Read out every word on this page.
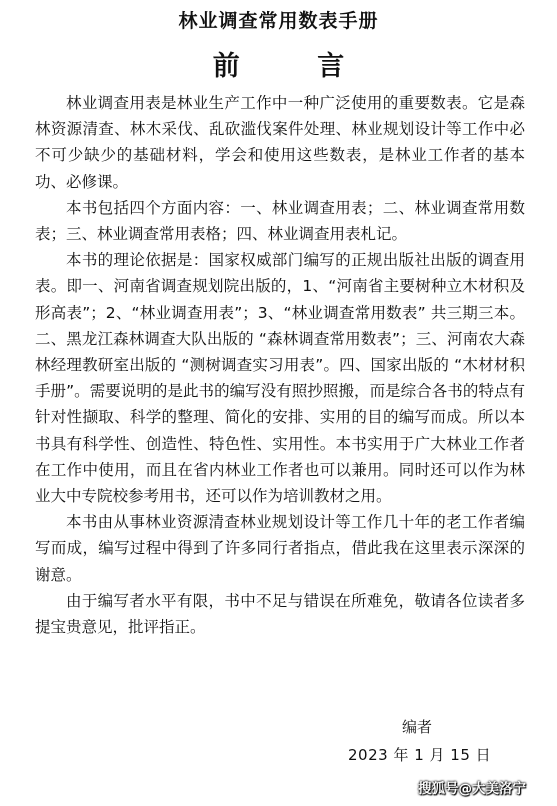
林业调查常用数表手册
前 言

林业调查用表是林业生产工作中一种广泛使用的重要数表。它是森林资源清查、林木采伐、乱砍滥伐案件处理、林业规划设计等工作中必不可少缺少的基础材料，学会和使用这些数表，是林业工作者的基本功、必修课。

本书包括四个方面内容：一、林业调查用表；二、林业调查常用数表；三、林业调查常用表格；四、林业调查用表札记。

本书的理论依据是：国家权威部门编写的正规出版社出版的调查用表。即一、河南省调查规划院出版的，1、“河南省主要树种立木材积及形高表”；2、“林业调查用表”；3、“林业调查常用数表” 共三期三本。二、黑龙江森林调查大队出版的 “森林调查常用数表”；三、河南农大森林经理教研室出版的 “测树调查实习用表”。四、国家出版的 “木材材积手册”。需要说明的是此书的编写没有照抄照搬，而是综合各书的特点有针对性撷取、科学的整理、简化的安排、实用的目的编写而成。所以本书具有科学性、创造性、特色性、实用性。本书实用于广大林业工作者在工作中使用，而且在省内林业工作者也可以兼用。同时还可以作为林业大中专院校参考用书，还可以作为培训教材之用。

本书由从事林业资源清查林业规划设计等工作几十年的老工作者编写而成，编写过程中得到了许多同行者指点，借此我在这里表示深深的谢意。

由于编写者水平有限，书中不足与错误在所难免，敬请各位读者多提宝贵意见，批评指正。

编者
2023 年 1 月 15 日
搜狐号@大美洛宁
